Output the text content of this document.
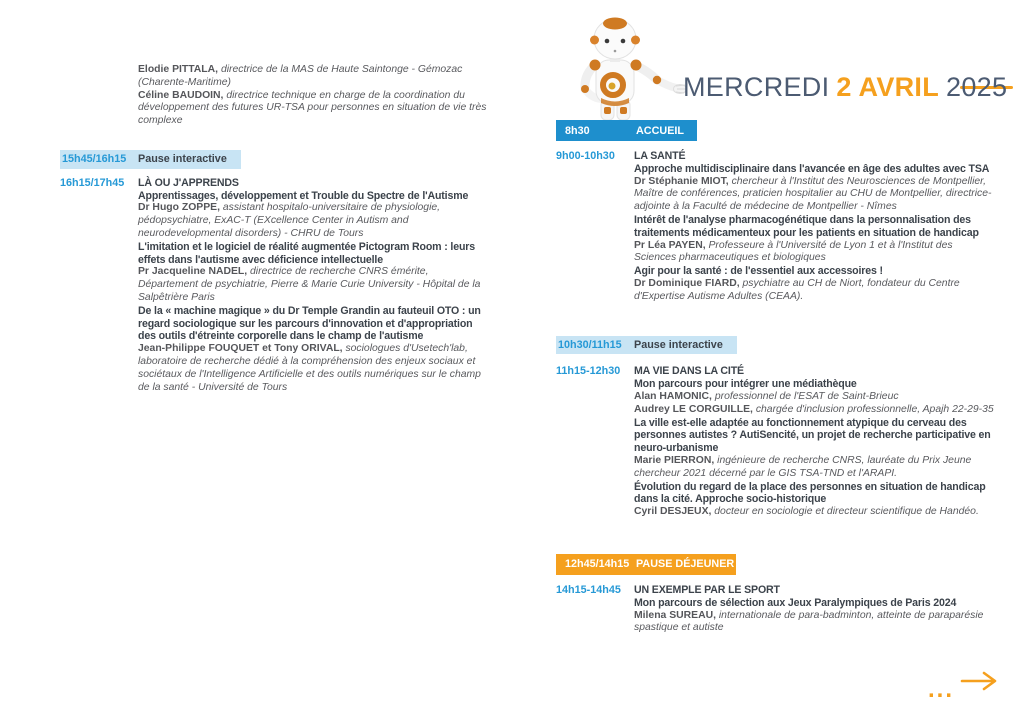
MERCREDI 2 AVRIL 2025
Elodie PITTALA, directrice de la MAS de Haute Saintonge - Gémozac (Charente-Maritime)
Céline BAUDOIN, directrice technique en charge de la coordination du développement des futures UR-TSA pour personnes en situation de vie très complexe
15h45/16h15	Pause interactive
16h15/17h45	LÀ OU J'APPRENDS
Apprentissages, développement et Trouble du Spectre de l'Autisme
Dr Hugo ZOPPE, assistant hospitalo-universitaire de physiologie, pédopsychiatre, ExAC-T (EXcellence Center in Autism and neurodevelopmental disorders) - CHRU de Tours
L'imitation et le logiciel de réalité augmentée Pictogram Room : leurs effets dans l'autisme avec déficience intellectuelle
Pr Jacqueline NADEL, directrice de recherche CNRS émérite, Département de psychiatrie, Pierre & Marie Curie University - Hôpital de la Salpêtrière Paris
De la « machine magique » du Dr Temple Grandin au fauteuil OTO : un regard sociologique sur les parcours d'innovation et d'appropriation des outils d'étreinte corporelle dans le champ de l'autisme
Jean-Philippe FOUQUET et Tony ORIVAL, sociologues d'Usetech'lab, laboratoire de recherche dédié à la compréhension des enjeux sociaux et sociétaux de l'Intelligence Artificielle et des outils numériques sur le champ de la santé - Université de Tours
8h30	ACCUEIL
9h00-10h30	LA SANTÉ
Approche multidisciplinaire dans l'avancée en âge des adultes avec TSA
Dr Stéphanie MIOT, chercheur à l'Institut des Neurosciences de Montpellier, Maître de conférences, praticien hospitalier au CHU de Montpellier, directrice-adjointe à la Faculté de médecine de Montpellier - Nîmes
Intérêt de l'analyse pharmacogénétique dans la personnalisation des traitements médicamenteux pour les patients en situation de handicap
Pr Léa PAYEN, Professeure à l'Université de Lyon 1 et à l'Institut des Sciences pharmaceutiques et biologiques
Agir pour la santé : de l'essentiel aux accessoires !
Dr Dominique FIARD, psychiatre au CH de Niort, fondateur du Centre d'Expertise Autisme Adultes (CEAA).
10h30/11h15	Pause interactive
11h15-12h30	MA VIE DANS LA CITÉ
Mon parcours pour intégrer une médiathèque
Alan HAMONIC, professionnel de l'ESAT de Saint-Brieuc
Audrey LE CORGUILLE, chargée d'inclusion professionnelle, Apajh 22-29-35
La ville est-elle adaptée au fonctionnement atypique du cerveau des personnes autistes ? AutiSencité, un projet de recherche participative en neuro-urbanisme
Marie PIERRON, ingénieure de recherche CNRS, lauréate du Prix Jeune chercheur 2021 décerné par le GIS TSA-TND et l'ARAPI.
Évolution du regard de la place des personnes en situation de handicap dans la cité. Approche socio-historique
Cyril DESJEUX, docteur en sociologie et directeur scientifique de Handéo.
12h45/14h15 PAUSE DÉJEUNER
14h15-14h45	UN EXEMPLE PAR LE SPORT
Mon parcours de sélection aux Jeux Paralympiques de Paris 2024
Milena SUREAU, internationale de para-badminton, atteinte de paraparésie spastique et autiste
...
